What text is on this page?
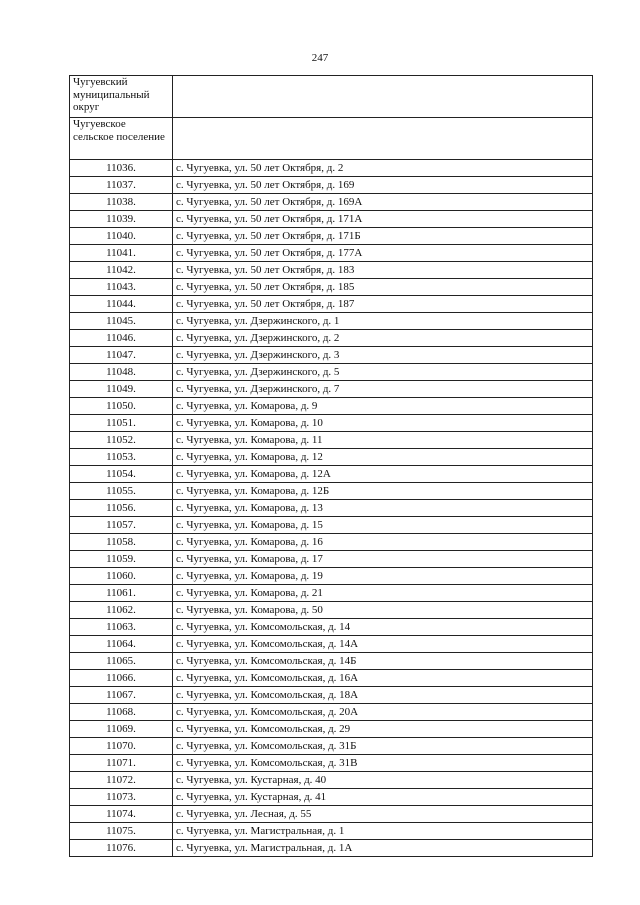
247
Чугуевский муниципальный округ	
Чугуевское сельское поселение	
11036.	с. Чугуевка, ул. 50 лет Октября, д. 2
11037.	с. Чугуевка, ул. 50 лет Октября, д. 169
11038.	с. Чугуевка, ул. 50 лет Октября, д. 169А
11039.	с. Чугуевка, ул. 50 лет Октября, д. 171А
11040.	с. Чугуевка, ул. 50 лет Октября, д. 171Б
11041.	с. Чугуевка, ул. 50 лет Октября, д. 177А
11042.	с. Чугуевка, ул. 50 лет Октября, д. 183
11043.	с. Чугуевка, ул. 50 лет Октября, д. 185
11044.	с. Чугуевка, ул. 50 лет Октября, д. 187
11045.	с. Чугуевка, ул. Дзержинского, д. 1
11046.	с. Чугуевка, ул. Дзержинского, д. 2
11047.	с. Чугуевка, ул. Дзержинского, д. 3
11048.	с. Чугуевка, ул. Дзержинского, д. 5
11049.	с. Чугуевка, ул. Дзержинского, д. 7
11050.	с. Чугуевка, ул. Комарова, д. 9
11051.	с. Чугуевка, ул. Комарова, д. 10
11052.	с. Чугуевка, ул. Комарова, д. 11
11053.	с. Чугуевка, ул. Комарова, д. 12
11054.	с. Чугуевка, ул. Комарова, д. 12А
11055.	с. Чугуевка, ул. Комарова, д. 12Б
11056.	с. Чугуевка, ул. Комарова, д. 13
11057.	с. Чугуевка, ул. Комарова, д. 15
11058.	с. Чугуевка, ул. Комарова, д. 16
11059.	с. Чугуевка, ул. Комарова, д. 17
11060.	с. Чугуевка, ул. Комарова, д. 19
11061.	с. Чугуевка, ул. Комарова, д. 21
11062.	с. Чугуевка, ул. Комарова, д. 50
11063.	с. Чугуевка, ул. Комсомольская, д. 14
11064.	с. Чугуевка, ул. Комсомольская, д. 14А
11065.	с. Чугуевка, ул. Комсомольская, д. 14Б
11066.	с. Чугуевка, ул. Комсомольская, д. 16А
11067.	с. Чугуевка, ул. Комсомольская, д. 18А
11068.	с. Чугуевка, ул. Комсомольская, д. 20А
11069.	с. Чугуевка, ул. Комсомольская, д. 29
11070.	с. Чугуевка, ул. Комсомольская, д. 31Б
11071.	с. Чугуевка, ул. Комсомольская, д. 31В
11072.	с. Чугуевка, ул. Кустарная, д. 40
11073.	с. Чугуевка, ул. Кустарная, д. 41
11074.	с. Чугуевка, ул. Лесная, д. 55
11075.	с. Чугуевка, ул. Магистральная, д. 1
11076.	с. Чугуевка, ул. Магистральная, д. 1А
